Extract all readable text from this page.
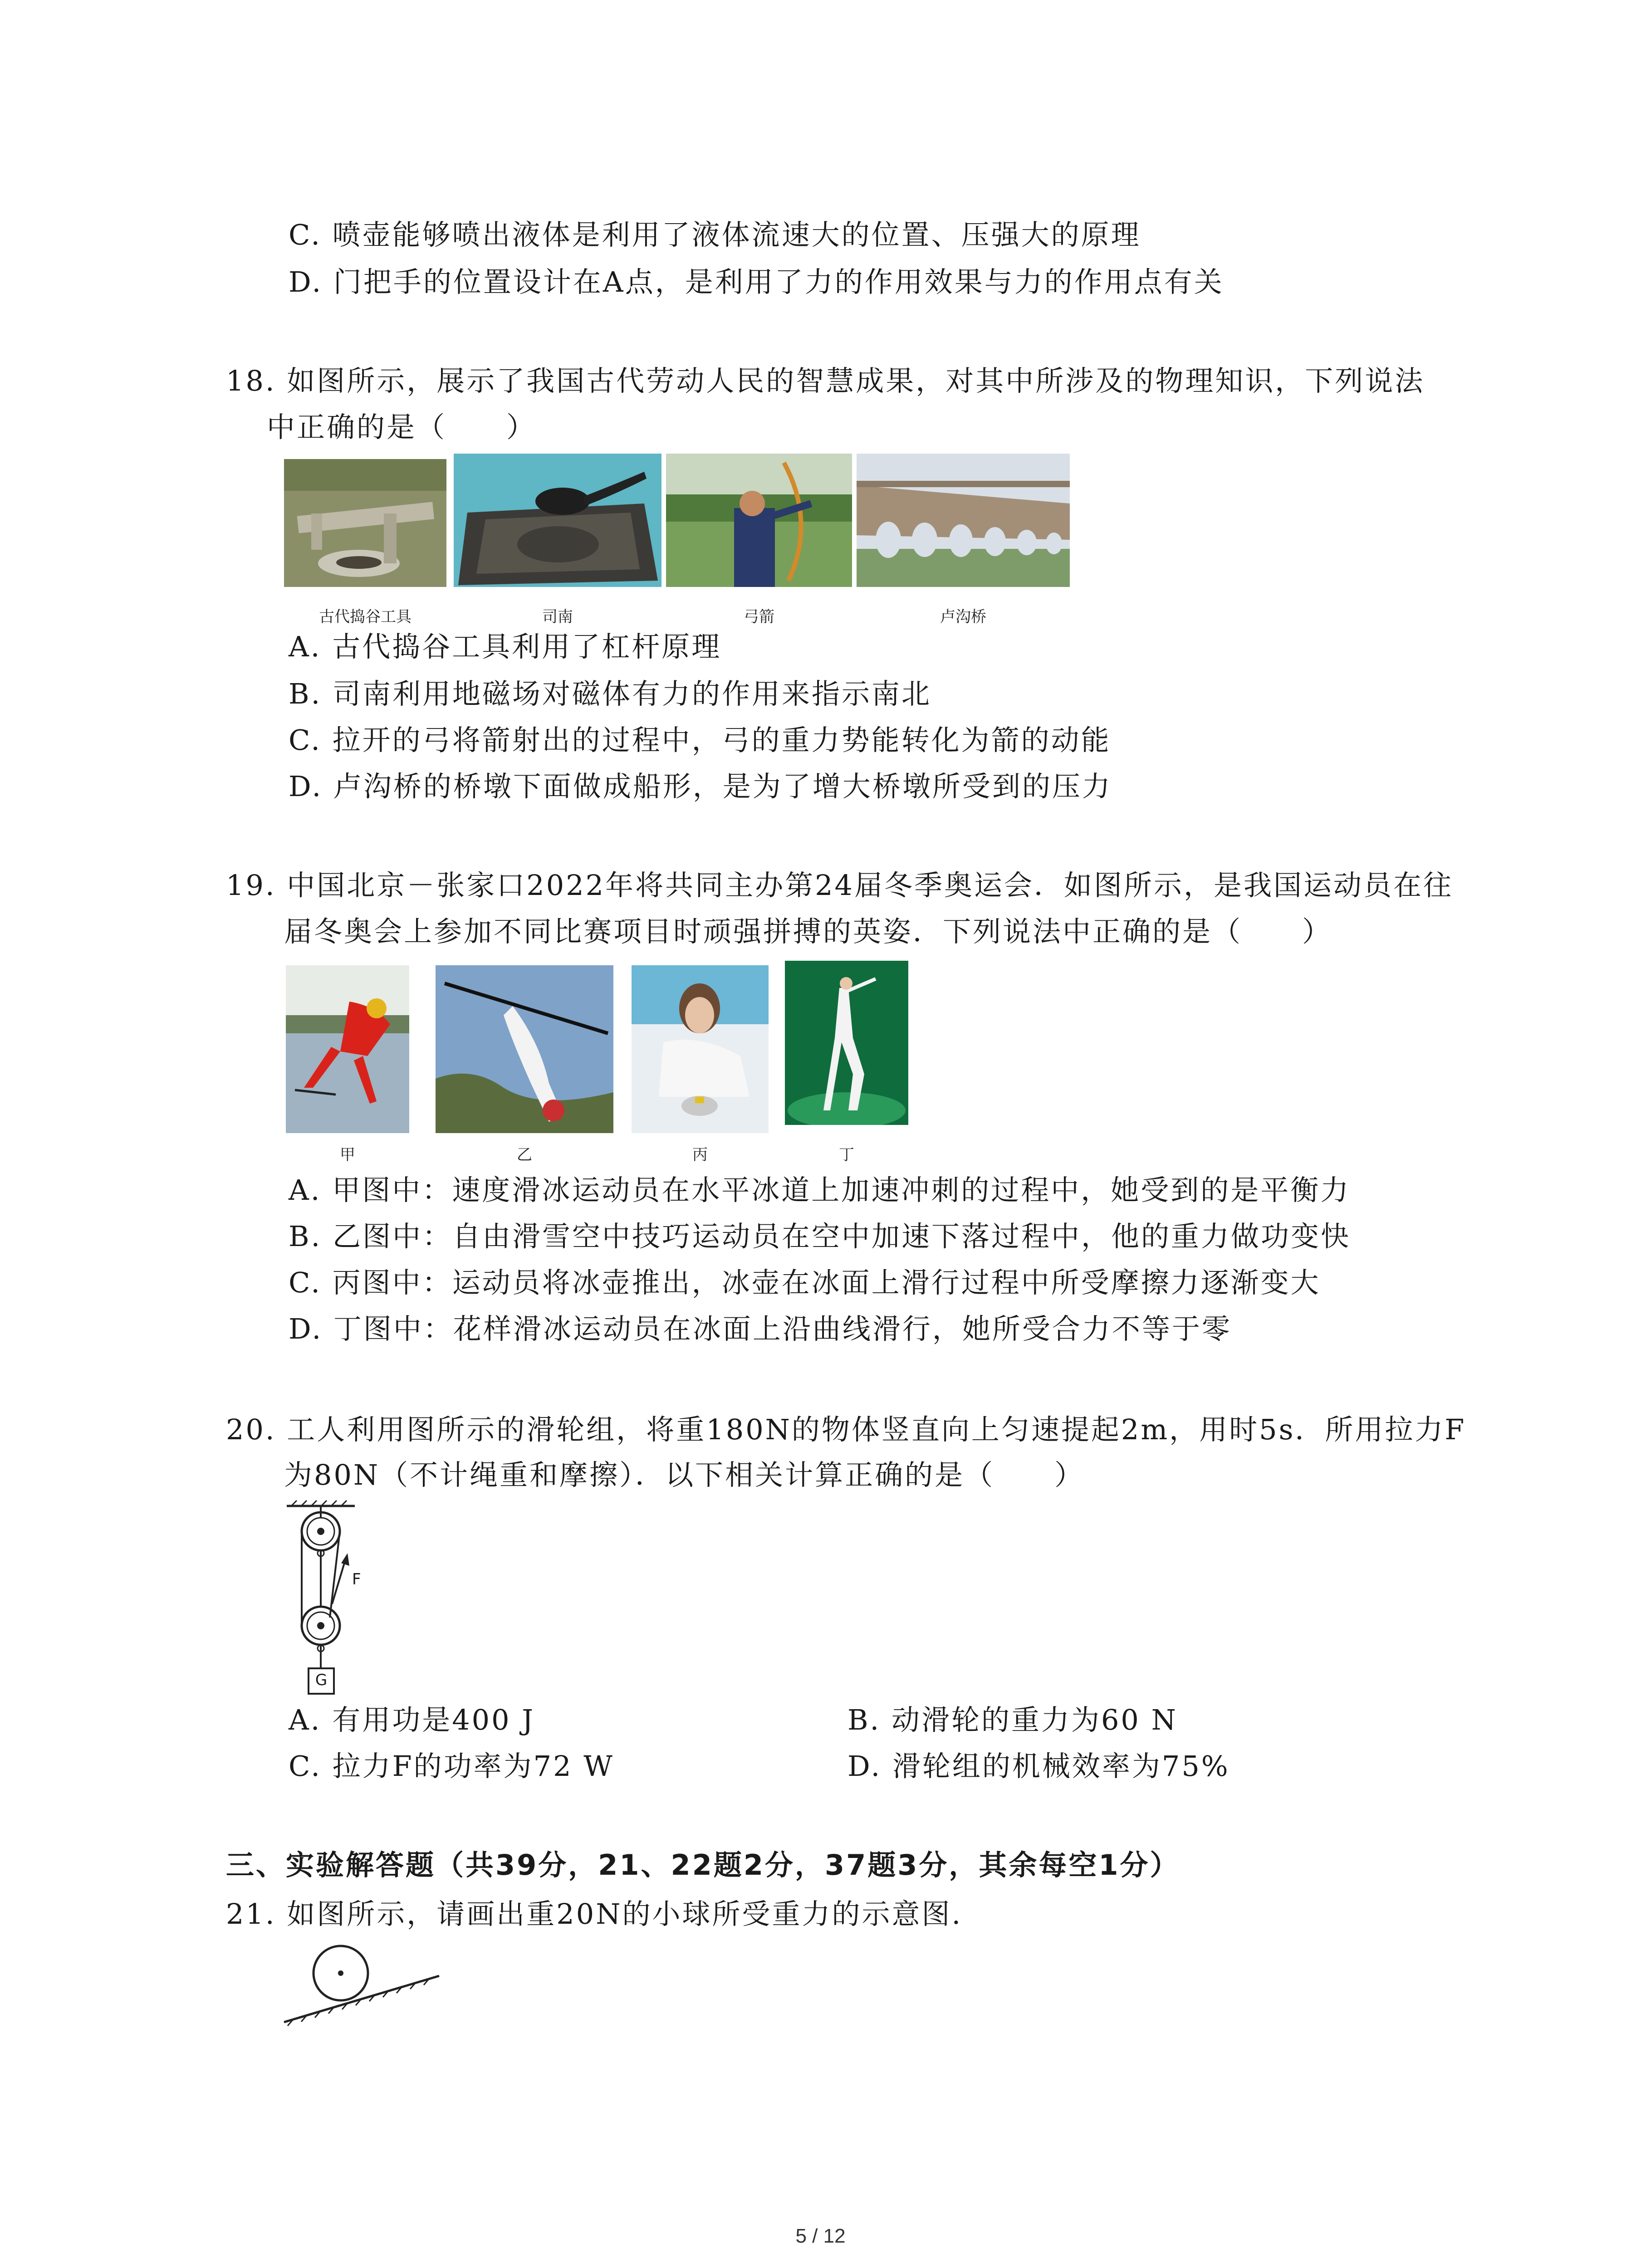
C. 喷壶能够喷出液体是利用了液体流速大的位置、压强大的原理
D. 门把手的位置设计在A点，是利用了力的作用效果与力的作用点有关
18. 如图所示，展示了我国古代劳动人民的智慧成果，对其中所涉及的物理知识，下列说法
中正确的是（　　）
古代捣谷工具	司南	弓箭	卢沟桥
A. 古代捣谷工具利用了杠杆原理
B. 司南利用地磁场对磁体有力的作用来指示南北
C. 拉开的弓将箭射出的过程中，弓的重力势能转化为箭的动能
D. 卢沟桥的桥墩下面做成船形，是为了增大桥墩所受到的压力
19. 中国北京－张家口2022年将共同主办第24届冬季奥运会．如图所示，是我国运动员在往
届冬奥会上参加不同比赛项目时顽强拼搏的英姿．下列说法中正确的是（　　）
甲	乙	丙	丁
A. 甲图中：速度滑冰运动员在水平冰道上加速冲刺的过程中，她受到的是平衡力
B. 乙图中：自由滑雪空中技巧运动员在空中加速下落过程中，他的重力做功变快
C. 丙图中：运动员将冰壶推出，冰壶在冰面上滑行过程中所受摩擦力逐渐变大
D. 丁图中：花样滑冰运动员在冰面上沿曲线滑行，她所受合力不等于零
20. 工人利用图所示的滑轮组，将重180N的物体竖直向上匀速提起2m，用时5s．所用拉力F
为80N（不计绳重和摩擦）．以下相关计算正确的是（　　）
F
G
A. 有用功是400 J	B. 动滑轮的重力为60 N
C. 拉力F的功率为72 W	D. 滑轮组的机械效率为75%
三、实验解答题（共39分，21、22题2分，37题3分，其余每空1分）
21. 如图所示，请画出重20N的小球所受重力的示意图.
5 / 12
